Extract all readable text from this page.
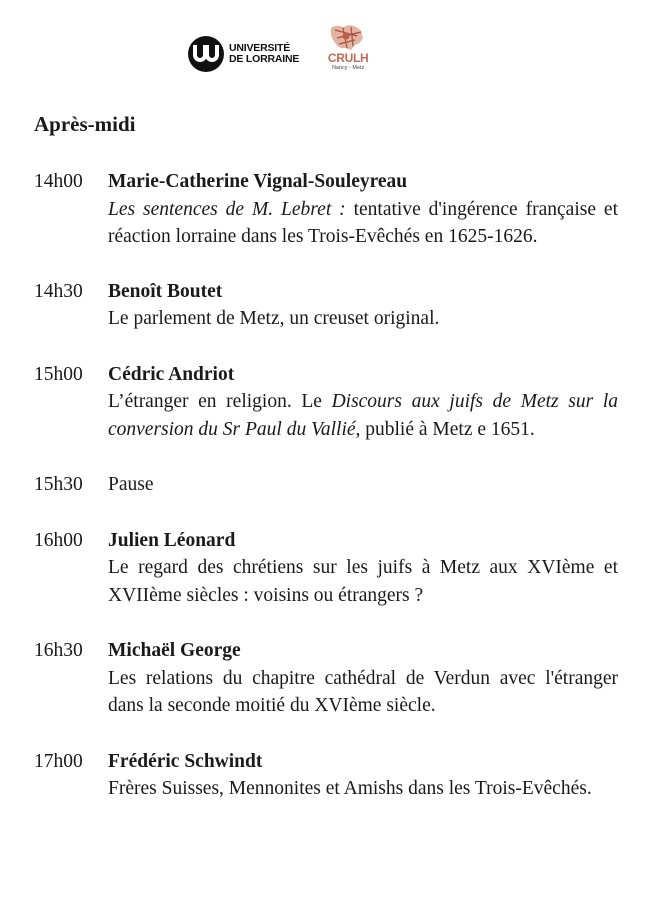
UNIVERSITÉ
DE LORRAINE CRULH
Nancy - Metz
Après-midi
14h00	Marie-Catherine Vignal-Souleyreau
Les sentences de M. Lebret : tentative d'ingérence française et réaction lorraine dans les Trois-Evêchés en 1625-1626.
14h30	Benoît Boutet
Le parlement de Metz, un creuset original.
15h00	Cédric Andriot
L’étranger en religion. Le Discours aux juifs de Metz sur la conversion du Sr Paul du Vallié, publié à Metz e 1651.
15h30	Pause
16h00	Julien Léonard
Le regard des chrétiens sur les juifs à Metz aux XVIème et XVIIème siècles : voisins ou étrangers ?
16h30	Michaël George
Les relations du chapitre cathédral de Verdun avec l'étranger dans la seconde moitié du XVIème siècle.
17h00	Frédéric Schwindt
Frères Suisses, Mennonites et Amishs dans les Trois-Evêchés.
